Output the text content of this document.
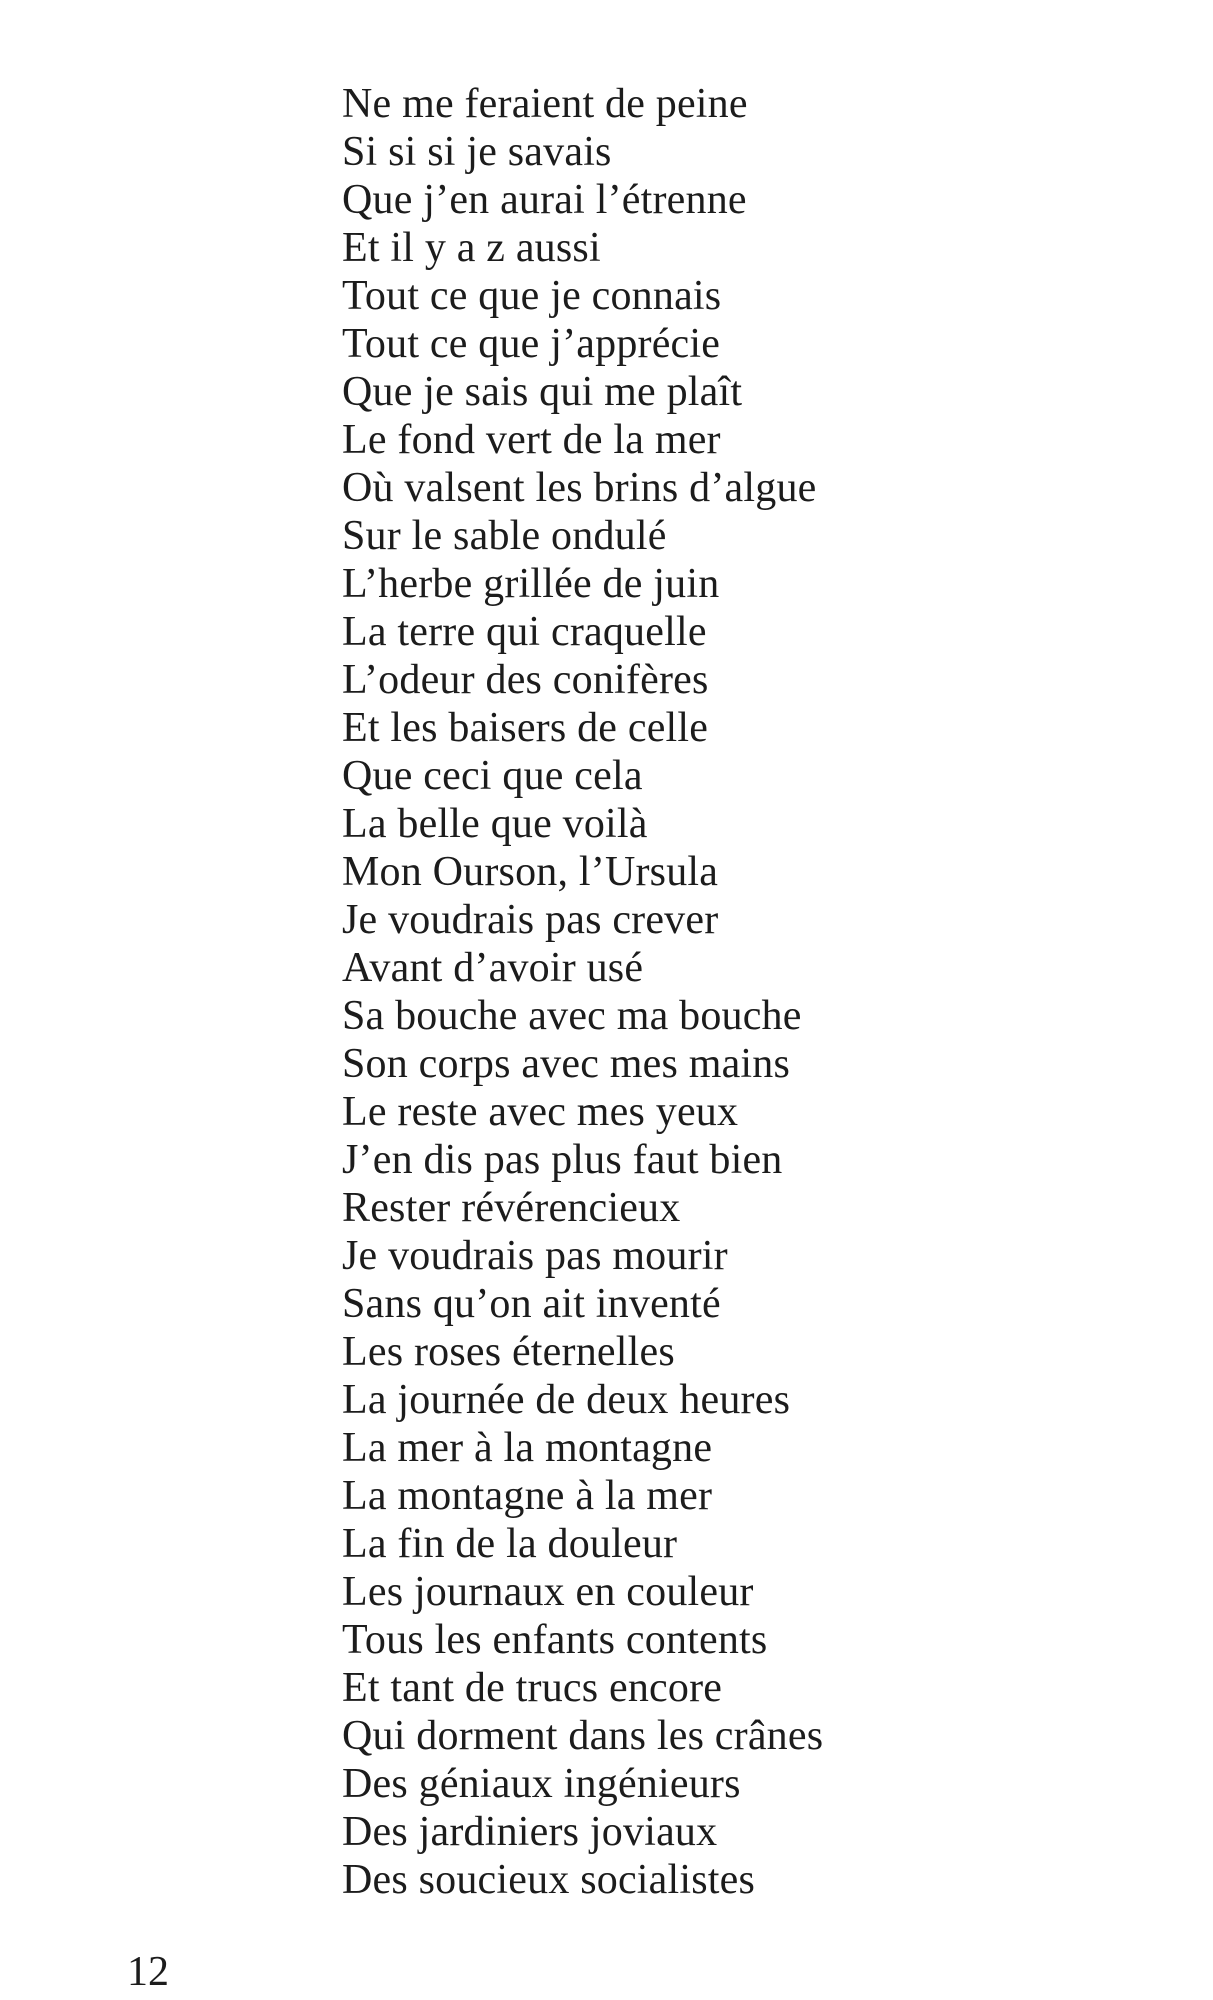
Ne me feraient de peine
Si si si je savais
Que j’en aurai l’étrenne
Et il y a z aussi
Tout ce que je connais
Tout ce que j’apprécie
Que je sais qui me plaît
Le fond vert de la mer
Où valsent les brins d’algue
Sur le sable ondulé
L’herbe grillée de juin
La terre qui craquelle
L’odeur des conifères
Et les baisers de celle
Que ceci que cela
La belle que voilà
Mon Ourson, l’Ursula
Je voudrais pas crever
Avant d’avoir usé
Sa bouche avec ma bouche
Son corps avec mes mains
Le reste avec mes yeux
J’en dis pas plus faut bien
Rester révérencieux
Je voudrais pas mourir
Sans qu’on ait inventé
Les roses éternelles
La journée de deux heures
La mer à la montagne
La montagne à la mer
La fin de la douleur
Les journaux en couleur
Tous les enfants contents
Et tant de trucs encore
Qui dorment dans les crânes
Des géniaux ingénieurs
Des jardiniers joviaux
Des soucieux socialistes
12
